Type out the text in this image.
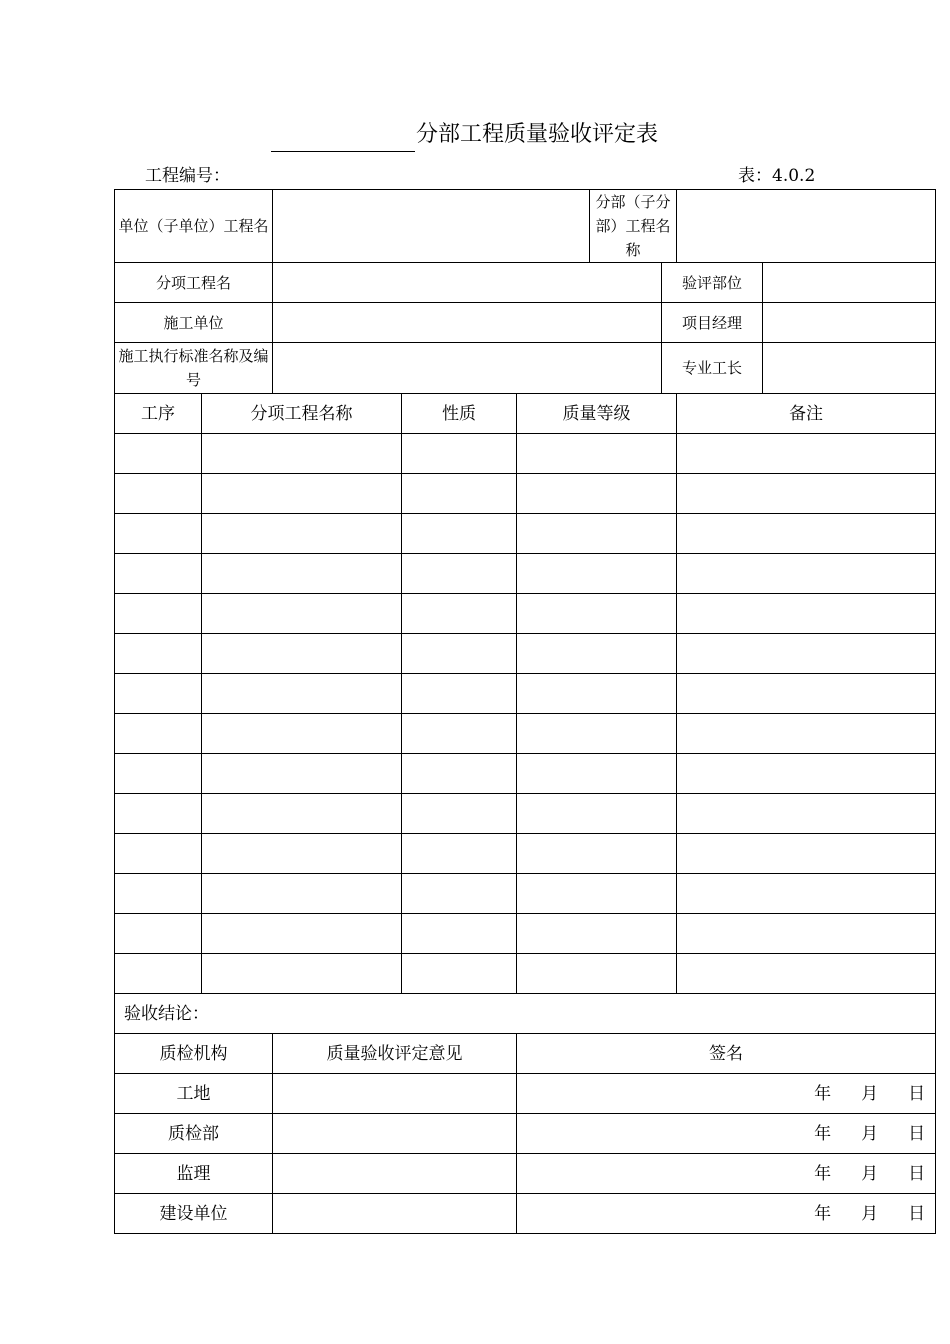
分部工程质量验收评定表
工程编号：	表：4.0.2
单位（子单位）工程名					分部（子分部）工程名称			
分项工程名						验评部位		
施工单位						项目经理		
施工执行标准名称及编号						专业工长		
工序	分项工程名称		性质	质量等级			备注	

验收结论：								
质检机构		质量验收评定意见		签名				
工地				年 月 日				

质检部				年 月 日				

监理				年 月 日				

建设单位				年 月 日				
